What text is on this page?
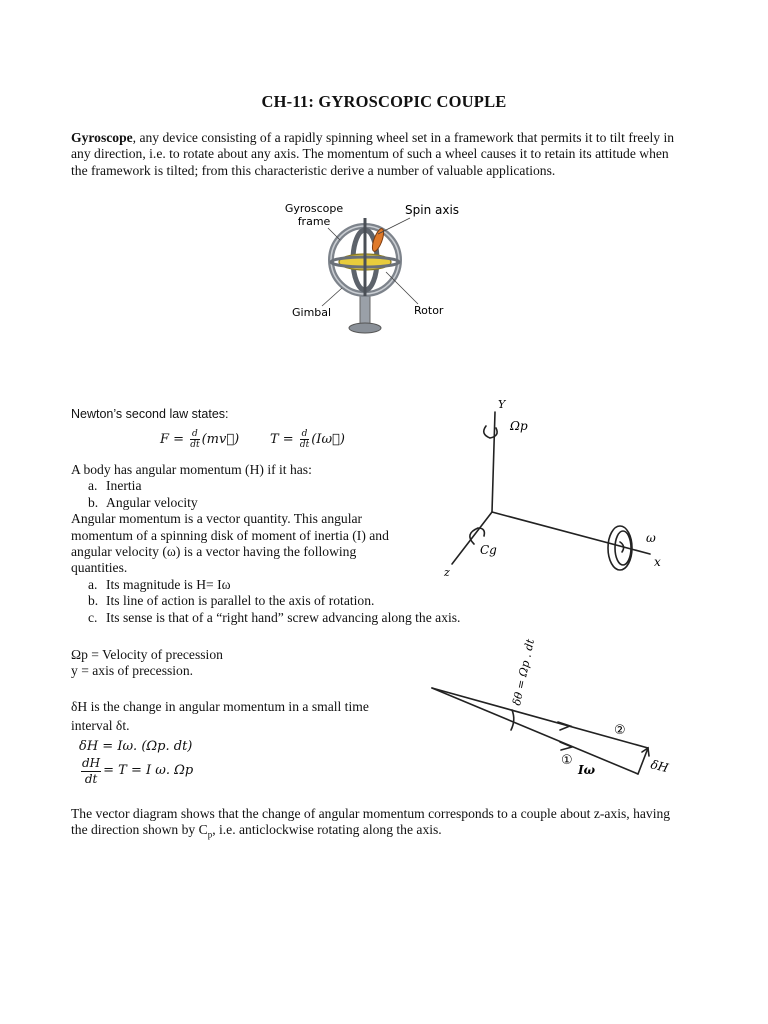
CH-11: GYROSCOPIC COUPLE
Gyroscope, any device consisting of a rapidly spinning wheel set in a framework that permits it to tilt freely in
any direction, i.e. to rotate about any axis. The momentum of such a wheel causes it to retain its attitude when
the framework is tilted; from this characteristic derive a number of valuable applications.
Gyroscope
frame
Spin axis
Gimbal	Rotor
Newton’s second law states:
$F = \frac{d}{dt}$ (mv⃗) $T = \frac{d}{dt}$ (Iω⃗)
A body has angular momentum (H) if it has:
a. Inertia
b. Angular velocity
Angular momentum is a vector quantity. This angular
momentum of a spinning disk of moment of inertia (I) and
angular velocity (ω) is a vector having the following
quantities.
a. Its magnitude is H= Iω
b. Its line of action is parallel to the axis of rotation.
c. Its sense is that of a “right hand” screw advancing along the axis.
Ωp = Velocity of precession
y = axis of precession.
δH is the change in angular momentum in a small time
interval δt.
δH = Iω. (Ωp. dt)
$\frac{dH}{dt} = T = I$ ω. Ωp
Y
Ωp
Cg
z
x
ω
δθ = Ωp . dt
②
①
Iω	δH
The vector diagram shows that the change of angular momentum corresponds to a couple about z-axis, having
the direction shown by $C_p$, i.e. anticlockwise rotating along the axis.
